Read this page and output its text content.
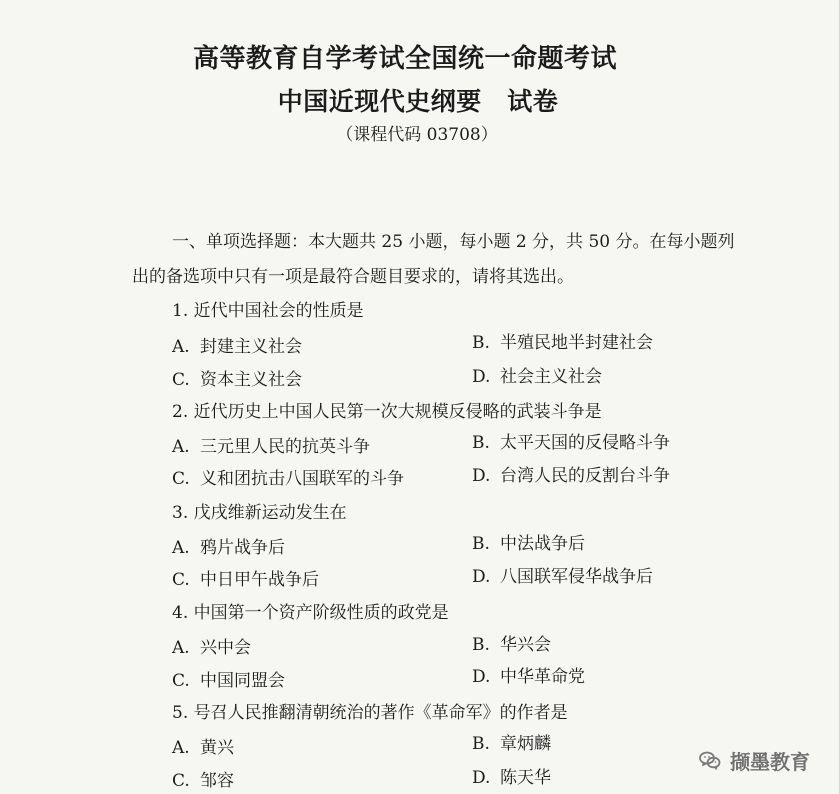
高等教育自学考试全国统一命题考试
中国近现代史纲要　试卷
（课程代码 03708）
一、单项选择题：本大题共 25 小题，每小题 2 分，共 50 分。在每小题列
出的备选项中只有一项是最符合题目要求的，请将其选出。
1. 近代中国社会的性质是
A. 封建主义社会	B. 半殖民地半封建社会
C. 资本主义社会	D. 社会主义社会
2. 近代历史上中国人民第一次大规模反侵略的武装斗争是
A. 三元里人民的抗英斗争	B. 太平天国的反侵略斗争
C. 义和团抗击八国联军的斗争	D. 台湾人民的反割台斗争
3. 戊戌维新运动发生在
A. 鸦片战争后	B. 中法战争后
C. 中日甲午战争后	D. 八国联军侵华战争后
4. 中国第一个资产阶级性质的政党是
A. 兴中会	B. 华兴会
C. 中国同盟会	D. 中华革命党
5. 号召人民推翻清朝统治的著作《革命军》的作者是
A. 黄兴	B. 章炳麟
C. 邹容	D. 陈天华
撷墨教育
